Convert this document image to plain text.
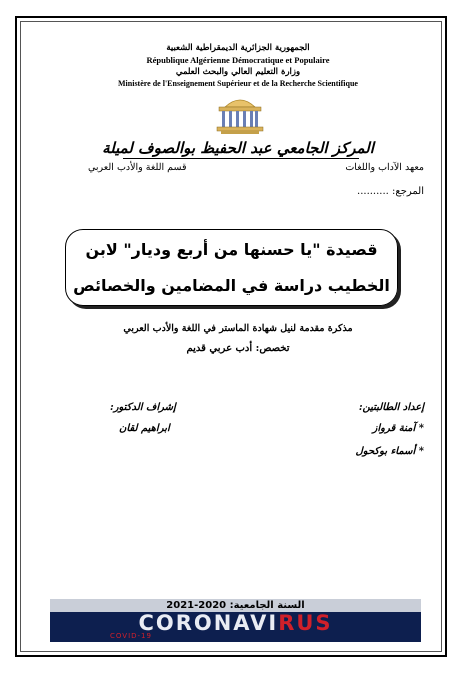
الجمهورية الجزائرية الديمقراطية الشعبية
République Algérienne Démocratique et Populaire
وزارة التعليم العالي والبحث العلمي
Ministère de l'Enseignement Supérieur et de la Recherche Scientifique
المركز الجامعي عبد الحفيظ بوالصوف لميلة
معهد الآداب واللغات
قسم اللغة والأدب العربي
المرجع: ..........
قصيدة "يا حسنها من أربع وديار" لابن
الخطيب دراسة في المضامين والخصائص
مذكرة مقدمة لنيل شهادة الماستر في اللغة والأدب العربي
تخصص: أدب عربي قديم
إعداد الطالبتين:
* آمنة قرواز
* أسماء بوكحول
إشراف الدكتور:
ابراهيم لقان
السنة الجامعية: 2020-2021
CORONAVIRUS
COVID-19
